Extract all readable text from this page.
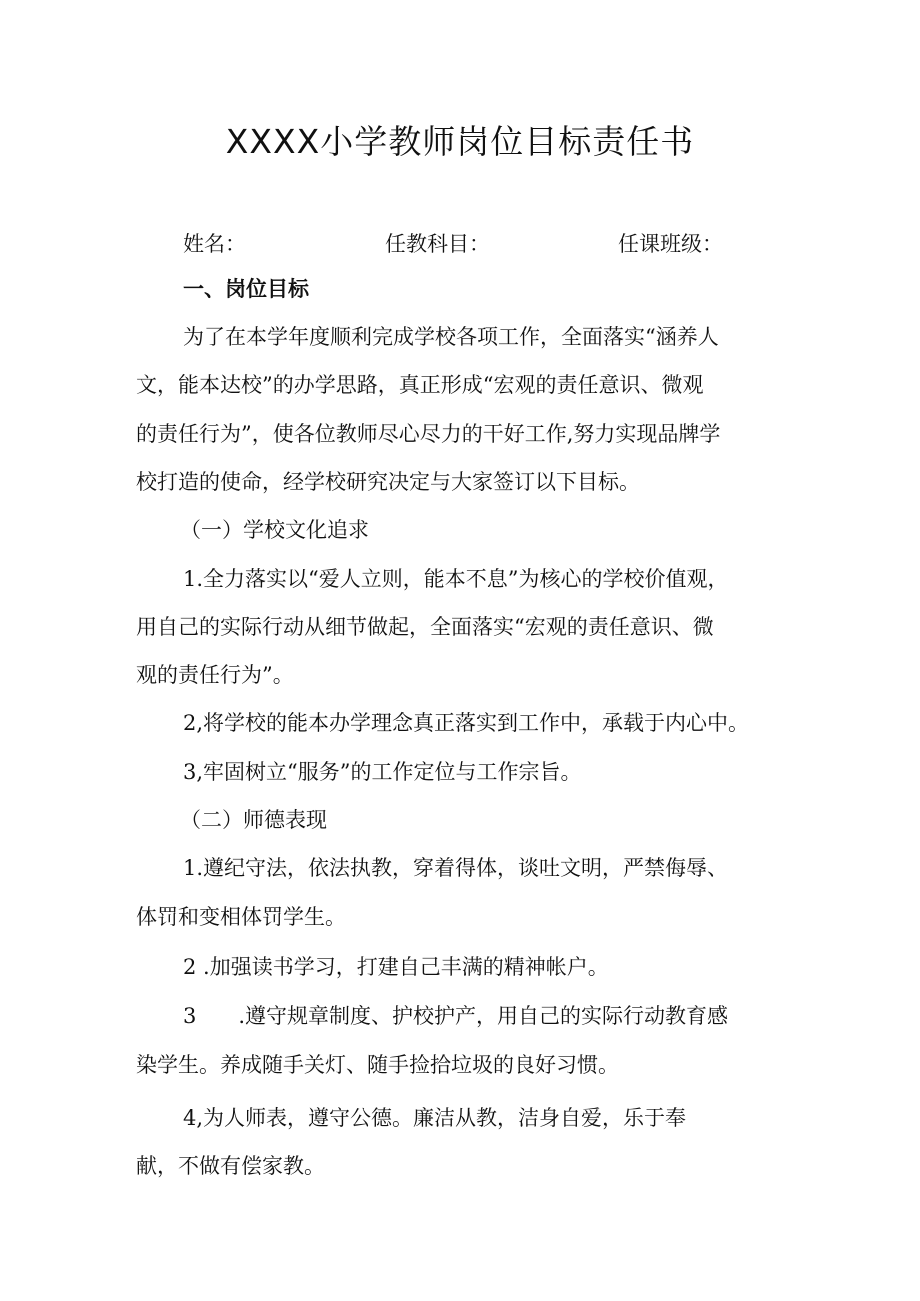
XXXX小学教师岗位目标责任书
姓名：	任教科目：	任课班级：
一、岗位目标
为了在本学年度顺利完成学校各项工作，全面落实“涵养人
文，能本达校”的办学思路，真正形成“宏观的责任意识、微观
的责任行为”，使各位教师尽心尽力的干好工作,努力实现品牌学
校打造的使命，经学校研究决定与大家签订以下目标。
（一）学校文化追求
1.全力落实以“爱人立则，能本不息”为核心的学校价值观，
用自己的实际行动从细节做起，全面落实“宏观的责任意识、微
观的责任行为”。
2,将学校的能本办学理念真正落实到工作中，承载于内心中。
3,牢固树立“服务”的工作定位与工作宗旨。
（二）师德表现
1.遵纪守法，依法执教，穿着得体，谈吐文明，严禁侮辱、
体罚和变相体罚学生。
2 .加强读书学习，打建自己丰满的精神帐户。
3　　.遵守规章制度、护校护产，用自己的实际行动教育感
染学生。养成随手关灯、随手捡拾垃圾的良好习惯。
4,为人师表，遵守公德。廉洁从教，洁身自爱，乐于奉
献，不做有偿家教。
